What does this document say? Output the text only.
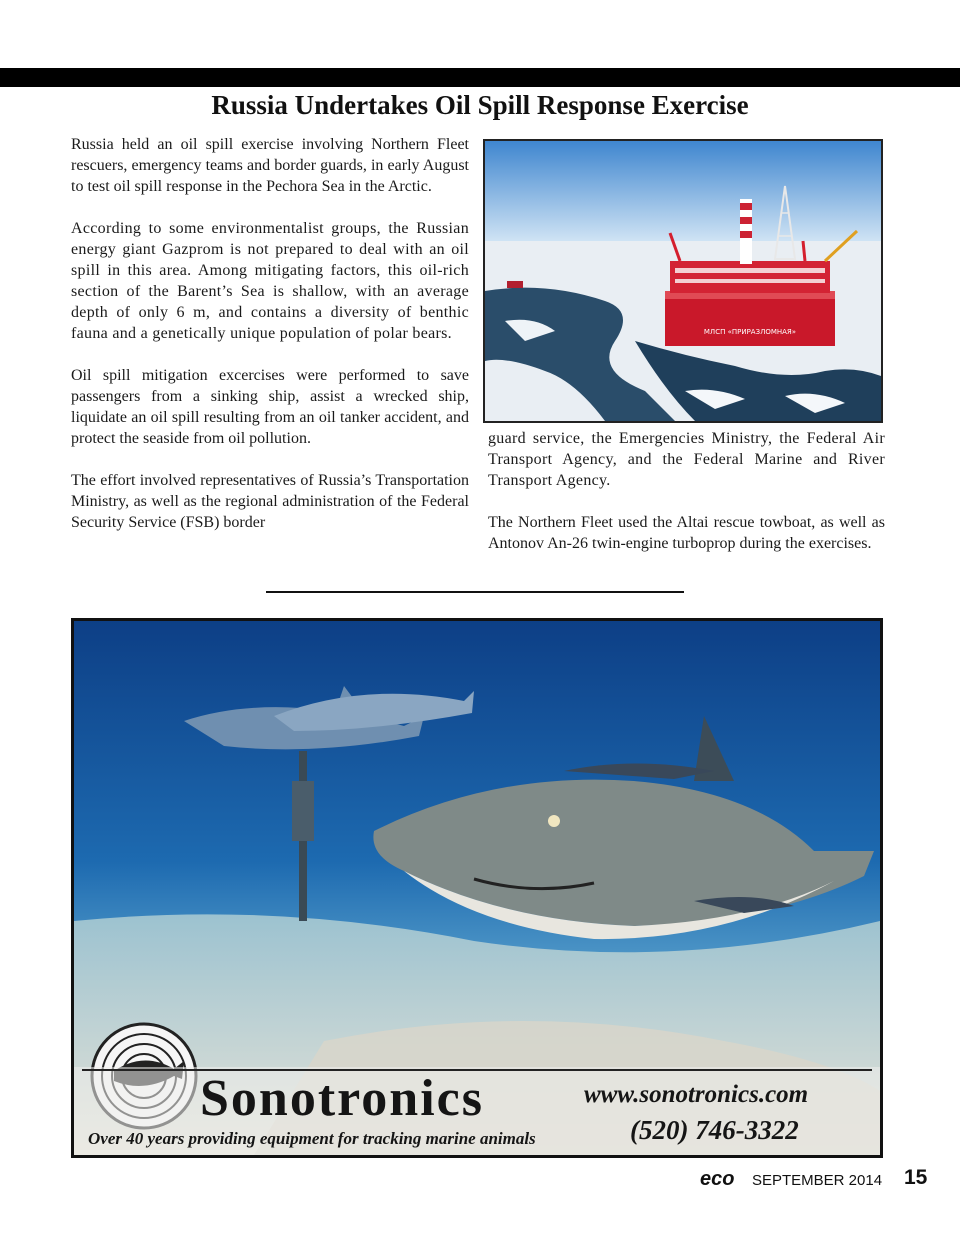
Russia Undertakes Oil Spill Response Exercise

Russia held an oil spill exercise involving Northern Fleet rescuers, emergency teams and border guards, in early August to test oil spill response in the Pechora Sea in the Arctic.

According to some environmentalist groups, the Russian energy giant Gazprom is not prepared to deal with an oil spill in this area. Among mitigating factors, this oil-rich section of the Barent’s Sea is shallow, with an average depth of only 6 m, and contains a diversity of benthic fauna and a genetically unique population of polar bears.

Oil spill mitigation excercises were performed to save passengers from a sinking ship, assist a wrecked ship, liquidate an oil spill resulting from an oil tanker accident, and protect the seaside from oil pollution.

The effort involved representatives of Russia’s Transportation Ministry, as well as the regional administration of the Federal Security Service (FSB) border

МЛСП «ПРИРАЗЛОМНАЯ»

guard service, the Emergencies Ministry, the Federal Air Transport Agency, and the Federal Marine and River Transport Agency.

The Northern Fleet used the Altai rescue towboat, as well as Antonov An-26 twin-engine turboprop during the exercises.

Sonotronics
Over 40 years providing equipment for tracking marine animals
www.sonotronics.com
(520) 746-3322
eco SEPTEMBER 2014 15
